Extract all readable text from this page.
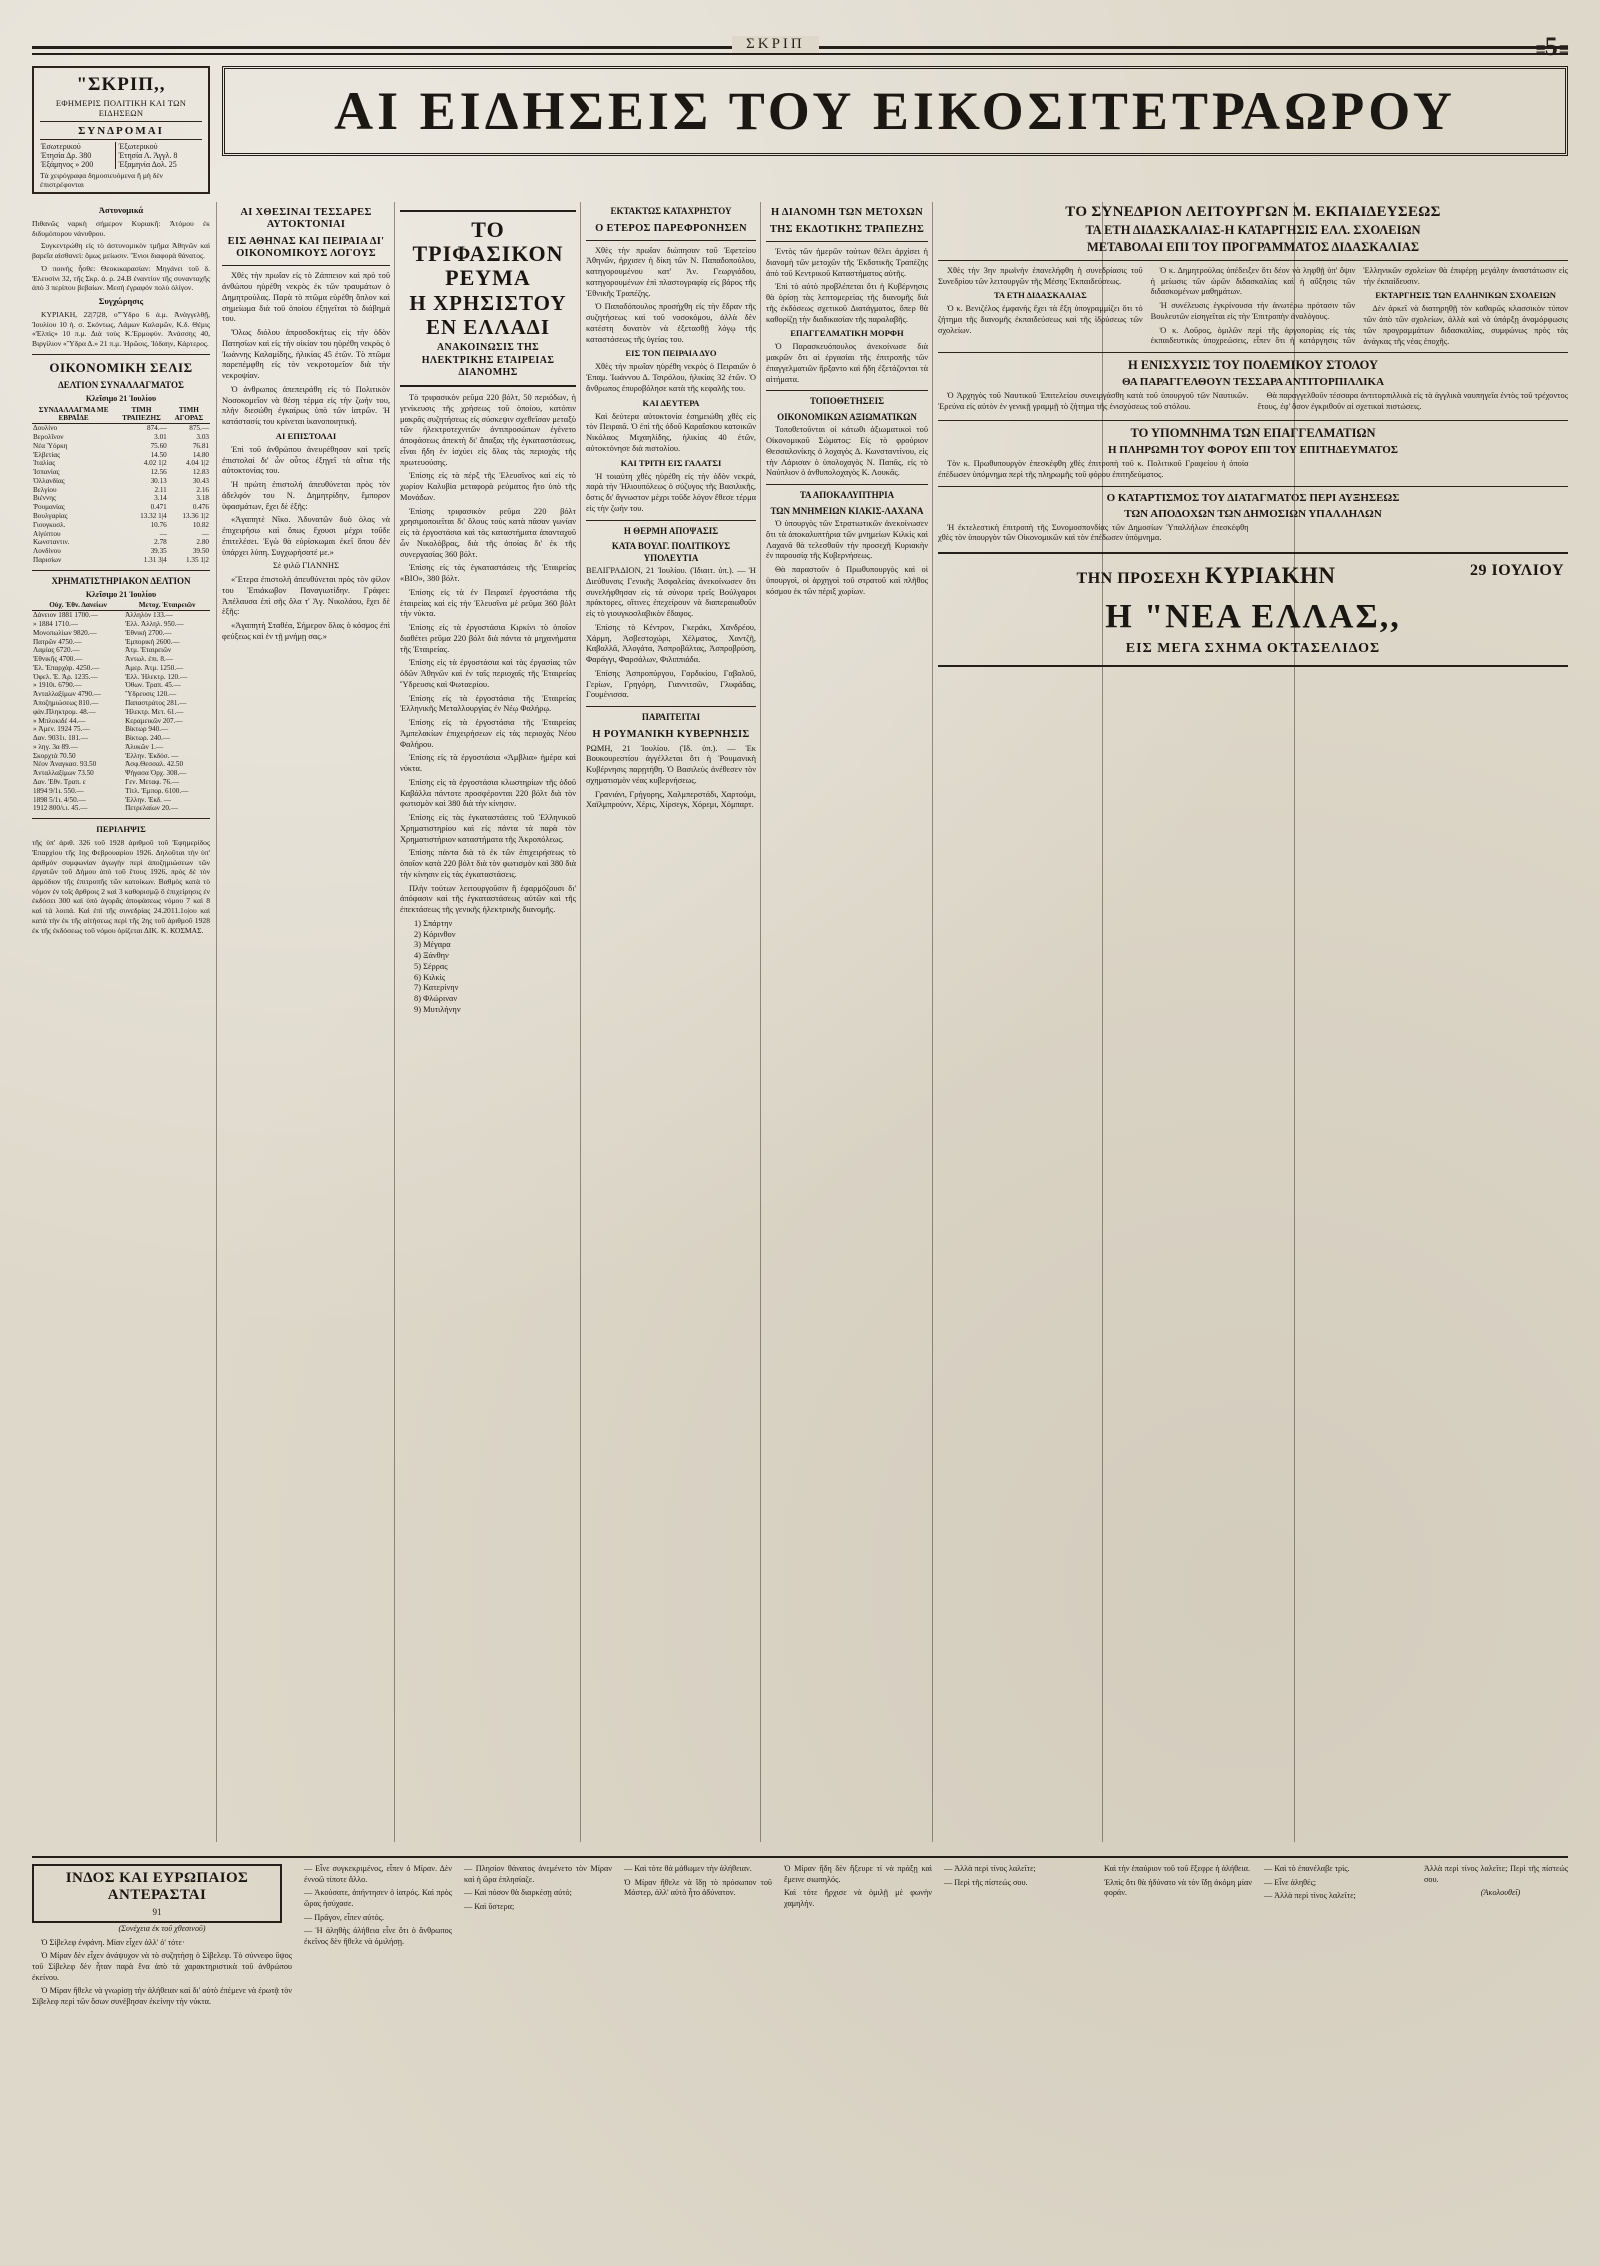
ΣΚΡΙΠ	≡5≡
"ΣΚΡΙΠ,,
ΕΦΗΜΕΡΙΣ ΠΟΛΙΤΙΚΗ ΚΑΙ ΤΩΝ ΕΙΔΗΣΕΩΝ
ΣΥΝΔΡΟΜΑΙ
Έσωτερικού	Έξωτερικού
Έτησία Δρ. 380	Έτησία Λ. Άγγλ. 8
Έξάμηνος » 200	Έξαμηνία Δολ. 25
Τὰ χειρόγραφα δημοσιευόμενα ἤ μὴ δὲν ἐπιστρέφονται
ΑΙ ΕΙΔΗΣΕΙΣ ΤΟΥ ΕΙΚΟΣΙΤΕΤΡΑΩΡΟΥ
Ἀστυνομικά

Πιθανῶς ναρκὴ σήμερον Κυριακῆ: Ἀτόμου ἐκ διδυμόπορου νάνυθρου.

Συγκεντρώθη εἰς τὸ ἀστυνομικὸν τμῆμα Ἀθηνῶν καὶ βαρεῖα αἰσθανεὶ: ὅμως μείωσιν. Ἔνιοι διαφορὰ θάνατος.

Ὁ ποινὴς ἧσθε: Θεοκικαρασίαν: Μηγάνει τοῦ δ. Ἐλευσίνι 32, τῆς Σκρ. ἀ. ρ. 24.Β ἐναντίον τῆς συνανταχῆς ἀπὸ 3 περίπου βεβαίων. Μεσὴ ἐγραφόν πολὺ ὀλίγον.

Συγχώρησις

ΚΥΡΙΑΚΗ, 22|7|28, ο''Ὕδρο 6 ἀ.μ. Ἀνὰγγελθῇ, Ἰουλίου 10 ἡ. σ. Σκόντως, Λάμων Καλαμῶν, Κ.δ. Θέμις «Ἐλπὶς» 10 π.μ. Διὰ τοὺς Κ.Ἑρμοφύν. Ἀνάσσης 40, Βιργίλιον «Ὕδρα Δ.» 21 π.μ. Ἡρῶοις, Ἰόδαην, Κάρτερος.

ΟΙΚΟΝΟΜΙΚΗ ΣΕΛΙΣ
ΔΕΛΤΙΟΝ ΣΥΝΑΛΛΑΓΜΑΤΟΣ
Κλεῖσιμο 21 Ἰουλίου
ΣΥΝΔΑΛΛΑΓΜΑ ΜΕ ΕΒΡΑΪΔΕ	ΤΙΜΗ ΤΡΑΠΕΖΗΣ	ΤΙΜΗ ΑΓΟΡΑΣ
Δουλίνο	874.—	875.—
Βερολῖνον	3.01	3.03
Νέα Ὑόρκη	75.60	76.81
Ἑλβετίας	14.50	14.80
Ἰταλίας	4.02 1|2	4.04 1|2
Ἰσπανίας	12.56	12.83
Ὁλλανδίας	30.13	30.43
Βελγίου	2.11	2.16
Βιέννης	3.14	3.18
Ῥουμανίας	0.471	0.476
Βουλγαρίας	13.32 1|4	13.36 1|2
Γιουγκοσλ.	10.76	10.82
Αἰγύπτου	—	—
Κωνσταντιν.	2.78	2.80
Λονδίνου	39.35	39.50
Παρισίων	1.31 3|4	1.35 1|2
ΧΡΗΜΑΤΙΣΤΗΡΙΑΚΟΝ ΔΕΛΤΙΟΝ
Κλεῖσιμο 21 Ἰουλίου
Οὐχ. Ἐθν. Δανείων	Μετοχ. Ἑταιρειῶν
Δάνειον 1881 1700.—	Ἀλληλὸν 133.—
» 1884 1710.—	Ἑλλ. Ἀλληλ. 950.—
Μονοπωλίων 9820.—	Ἐθνικὴ 2700.—
Πατρῶν 4750.—	Ἐμπορικὴ 2600.—
Λαμίας 6720.—	Ἀτμ. Ἑταιρειῶν
Ἐθνικῆς 4700.—	Ἀντωλ. ἐπι. 8.—
Ἐλ. Ἐπαρχὰρ. 4250.—	Ἀμερ. Ἀτμ. 1250.—
Ὀφελ. Ἑ. Ἀρ. 1235.—	Ἑλλ. Ἠλεκτρ. 120.—
» 1910ι. 6790.—	Ὀθων. Τραπ. 45.—
Ἀνταλλαξίμων 4790.—	Ὕδρευσις 120.—
Ἀποζημιώσεως 810.—	Παπαστράτος 281.—
φάν.Πληκτρομ. 48.—	Ἠλεκτρ. Μετ. 61.—
» Μπλοκιδέ 44.—	Κεραμεικῶν 207.—
» Ἀμεν. 1924 75.—	Βίκτωρ 940.—
Δαν. 9031ι. 181.—	Βίκτωρ. 240.—
» ληγ. 3α 89.—	Ἁλυκῶν 1.—
Σκορχτὰ 70.50	Ἑλλην. Ἐκδόσ. —
Νέον Ἀναγκασ. 93.50	Ἀσφ.Θεσσαλ. 42.50
Ἀνταλλαξίμων 73.50	Ψήγασα Ὀρχ. 308.—
Δαν. Ἐθν. Τραπ. ε	Γεν. Μεταφ. 76.—
1894 9/1ι. 550.—	Τίτλ. Ἐμπορ. 6100.—
1898 5/1ι. 4/50.—	Ἐλλην. Ἐκδ. —
1912 800/ι.ι. 45.—	Πετρελαίων 20.—
ΠΕΡΙΛΗΨΙΣ

τῆς ὑπ' ἀριθ. 326 τοῦ 1928 ἀριθμοῦ τοῦ Ἐφημερίδος Ἐπαρχίου τῆς 1ης Φεβρουαρίου 1926. Δηλοῦται τὴν ὑπ' ἀριθμὸν συμφωνίαν ἀγωγὴν περὶ ἀποζημιώσεων τῶν ἐργατῶν τοῦ Δήμου ἀπὸ τοῦ ἔτους 1926, πρὸς δὲ τὸν ἀρμόδιον τῆς ἐπιτροπῆς τῶν κατοίκων. Βαθμὸς κατὰ τὸ νόμον ἐν τοῖς ἄρθροις 2 καὶ 3 καθορισμῷ ὃ ἐπιχείρησις ἐν ἐκδόσει 300 καὶ ὑπό ἀγορᾶς ἀποφάσεως νόμου 7 καὶ 8 καὶ τὰ λοιπά. Καὶ ἐπὶ τῆς συνεδρίας 24.2011.1ο|ου καὶ κατὰ τὴν ἐκ τῆς αἰτήσεως περὶ τῆς 2ης τοῦ ἀριθμοῦ 1928 ἐκ τῆς ἐκδόσεως τοῦ νόμου ὁρίζεται ΔΙΚ. Κ. ΚΟΣΜΑΣ.

ΑΙ ΧΘΕΣΙΝΑΙ ΤΕΣΣΑΡΕΣ ΑΥΤΟΚΤΟΝΙΑΙ
ΕΙΣ ΑΘΗΝΑΣ ΚΑΙ ΠΕΙΡΑΙΑ ΔΙ' ΟΙΚΟΝΟΜΙΚΟΥΣ ΛΟΓΟΥΣ

Χθὲς τὴν πρωΐαν εἰς τὸ Ζάππειον καὶ πρὸ τοῦ ἀνθώπου ηὑρέθη νεκρὸς ἐκ τῶν τραυμάτων ὁ Δημητρούλας. Παρὰ τὸ πτῶμα εὑρέθη ὅπλον καὶ σημείωμα διὰ τοῦ ὁποίου ἐξηγεῖται τὸ διάβημά του.

Ὅλως διόλου ἀπροσδοκήτως εἰς τὴν ὁδὸν Πατησίων καὶ εἰς τὴν οἰκίαν του ηὑρέθη νεκρὸς ὁ Ἰωάννης Καλαμίδης, ἡλικίας 45 ἐτῶν. Τὸ πτῶμα παρεπέμφθη εἰς τὸν νεκροτομεῖον διὰ τὴν νεκροψίαν.

Ὁ ἀνθρωπος ἀπεπειράθη εἰς τὸ Πολιτικὸν Νοσοκομεῖον νὰ θέσῃ τέρμα εἰς τὴν ζωήν του, πλὴν διεσώθη ἐγκαίρως ὑπὸ τῶν ἰατρῶν. Ἡ κατάστασίς του κρίνεται ἱκανοποιητική.

ΑΙ ΕΠΙΣΤΟΛΑΙ

Ἐπὶ τοῦ ἀνθρώπου ἀνευρέθησαν καὶ τρεῖς ἐπιστολαί δι' ὧν οὗτος ἐξηγεῖ τὰ αἴτια τῆς αὐτοκτονίας του.

Ἡ πρώτη ἐπιστολὴ ἀπευθύνεται πρὸς τὸν ἀδελφόν του Ν. Δημητρίδην, ἔμπορον ὑφασμάτων, ἔχει δὲ ἑξῆς:

«Ἀγαπητὲ Νῖκο. Ἀδυνατῶν δυὸ ὁλας νὰ ἐπιχειρήσω καὶ ὅπως ἔχουσι μέχρι τοῦδε ἐπιτελέσει. Ἐγὼ θὰ εὑρίσκωμαι ἐκεῖ ὅπου δὲν ὑπάρχει λύπη. Συγχωρήσατέ με.»

Σὲ φιλῶ ΓΙΑΝΝΗΣ

«Ἕτερα ἐπιστολὴ ἀπευθύνεται πρὸς τὸν φίλον του Ἐπιάκωβον Παναγιωτίδην. Γράφει: Ἀπέλαυσα ἐπὶ σῆς ὅλα τ' Ἀγ. Νικολάου, ἔχει δὲ ἑξῆς:

«Ἀγαπητὴ Σταθέα, Σήμερον ὅλας ὁ κόσμος ἐπὶ φεύξεως καὶ ἐν τῇ μνήμῃ σας.»

ΤΟ ΤΡΙΦΑΣΙΚΟΝ ΡΕΥΜΑ
Η ΧΡΗΣΙΣΤΟΥ ΕΝ ΕΛΛΑΔΙ
ΑΝΑΚΟΙΝΩΣΙΣ ΤΗΣ ΗΛΕΚΤΡΙΚΗΣ ΕΤΑΙΡΕΙΑΣ ΔΙΑΝΟΜΗΣ

Τὸ τριφασικὸν ρεῦμα 220 βόλτ, 50 περιόδων, ἡ γενίκευσις τῆς χρήσεως τοῦ ὁποίου, κατόπιν μακρᾶς συζητήσεως εἰς σύσκεψιν σχεθεῖσαν μεταξὺ τῶν ἡλεκτροτεχνιτῶν ἀντιπροσώπων ἐγένετο ἀποφάσεως ἀπεκτὴ δι' ἅπαξας τῆς ἐγκαταστάσεως, εἶναι ἤδη ἐν ἰσχύει εἰς ὅλας τὰς περιοχὰς τῆς πρωτευούσης.

Ἐπίσης εἰς τὰ πέρξ τῆς Ἑλευσῖνος καὶ εἰς τὸ χωρίον Καλυβία μεταφορὰ ρεύματος ἤτο ὑπὸ τῆς Μονάδων.

Ἐπίσης τριφασικὸν ρεῦμα 220 βόλτ χρησιμοποιεῖται δι' ὅλους τοὺς κατὰ πᾶσαν γωνίαν εἰς τὰ ἐργοστάσια καὶ τὰς καταστήματα ἁπανταχοῦ ὧν Νικολόβρας, διὰ τῆς ὁποίας δι' ἐκ τῆς συνεργασίας 360 βόλτ.

Ἐπίσης εἰς τὰς ἐγκαταστάσεις τῆς Ἑταιρείας «ΒΙΟ», 380 βόλτ.

Ἐπίσης εἰς τὰ ἐν Πειραιεῖ ἐργοστάσια τῆς ἑταιρείας καὶ εἰς τὴν Ἑλευσῖνα μὲ ρεῦμα 360 βόλτ τὴν νύκτα.

Ἐπίσης εἰς τὰ ἐργοστάσια Κιρκίνι τὸ ὁποῖον διαθέτει ρεῦμα 220 βόλτ διὰ πάντα τὰ μηχανήματα τῆς Ἑταιρείας.

Ἐπίσης εἰς τὰ ἐργοστάσια καὶ τὰς ἐργασίας τῶν ὁδῶν Ἀθηνῶν καὶ ἐν ταῖς περιοχαῖς τῆς Ἑταιρείας Ὕδρευσις καὶ Φωταερίου.

Ἐπίσης εἰς τὰ ἐργοστάσια τῆς Ἑταιρείας Ἑλληνικῆς Μεταλλουργίας ἐν Νέῳ Φαλήρῳ.

Ἐπίσης εἰς τὰ ἐργοστάσια τῆς Ἑταιρείας Ἀμπελακίων ἐπιχειρήσεων εἰς τὰς περιοχὰς Νέου Φαλήρου.

Ἐπίσης εἰς τὰ ἐργοστάσια «Ἀμβλια» ἡμέρα καὶ νύκτα.

Ἐπίσης εἰς τὰ ἐργοστάσια κλωστηρίων τῆς ὁδοῦ Καβάλλα πάντοτε προσφέρονται 220 βόλτ διὰ τὸν φωτισμὸν καὶ 380 διὰ τὴν κίνησιν.

Ἐπίσης εἰς τὰς ἐγκαταστάσεις τοῦ Ἑλληνικοῦ Χρηματιστηρίου καὶ εἰς πάντα τὰ παρὰ τὸν Χρηματιστήριον καταστήματα τῆς Ἀκροπόλεως.

Ἐπίσης πάντα διὰ τὸ ἐκ τῶν ἐπιχειρήσεως τὸ ὁποῖον κατὰ 220 βόλτ διὰ τὸν φωτισμὸν καὶ 380 διὰ τὴν κίνησιν εἰς τὰς ἐγκαταστάσεις.

Πλὴν τούτων λειτουργοῦσιν ἤ ἐφαρμόζουσι δι' ἀπόφασιν καὶ τῆς ἐγκαταστάσεως αὐτῶν καὶ τῆς ἐπεκτάσεως τῆς γενικῆς ἠλεκτρικῆς διανομῆς.

1) Σπάρτην
2) Κόρινθον
3) Μέγαρα
4) Ξάνθην
5) Σέρρας
6) Κιλκὶς
7) Κατερίνην
8) Φλώριναν
9) Μυτιλήνην
ΕΚΤΑΚΤΩΣ ΚΑΤΑΧΡΗΣΤΟΥ
Ο ΕΤΕΡΟΣ ΠΑΡΕΦΡΟΝΗΣΕΝ

Χθὲς τὴν πρωΐαν διώπησαν τοῦ Ἐφετείου Ἀθηνῶν, ἠρχισεν ἡ δίκη τῶν Ν. Παπαδοπούλου, κατηγορουμένου κατ' Ἀν. Γεωργιάδου, κατηγορουμένων ἐπὶ πλαστογραφίᾳ εἰς βάρος τῆς Ἐθνικῆς Τραπέζης.

Ὁ Παπαδόπουλος προσήχθη εἰς τὴν ἕδραν τῆς συζητήσεως καὶ τοῦ νοσοκόμου, ἀλλὰ δὲν κατέστη δυνατὸν νὰ ἐξετασθῇ λόγῳ τῆς καταστάσεως τῆς ὑγείας του.

ΕΙΣ ΤΟΝ ΠΕΙΡΑΙΑ ΔΥΟ

Χθὲς τὴν πρωΐαν ηὑρέθη νεκρὸς ὁ Πειραιῶν ὁ Ἐπαμ. Ἰωάννου Δ. Τσιρόλου, ἡλικίας 32 ἐτῶν. Ὁ ἄνθρωπος ἐπυροβόλησε κατὰ τῆς κεφαλῆς του.

ΚΑΙ ΔΕΥΤΕΡΑ

Καὶ δεύτερα αὐτοκτονία ἐσημειώθη χθὲς εἰς τὸν Πειραιᾶ. Ὁ ἐπὶ τῆς ὁδοῦ Καραΐσκου κατοικῶν Νικόλαος Μιχαηλίδης, ἡλικίας 40 ἐτῶν, αὐτοκτόνησε διὰ πιστολίου.

ΚΑΙ ΤΡΙΤΗ ΕΙΣ ΓΑΛΑΤΣΙ

Ἡ τοιαύτη χθὲς ηὑρέθη εἰς τὴν ὁδὸν νεκρά, παρὰ τὴν Ἡλιουπόλεως ὁ σύζυγος τῆς Βασιλικῆς, ὅστις δι' ἄγνωστον μέχρι τοῦδε λόγον ἔθεσε τέρμα εἰς τὴν ζωήν του.

Η ΘΕΡΜΗ ΑΠΟΨΑΣΙΣ
ΚΑΤΑ ΒΟΥΛΓ. ΠΟΛΙΤΙΚΟΥΣ ΥΠΟΛΕΥΤΙΑ

ΒΕΛΙΓΡΑΔΙΟΝ, 21 Ἰουλίου. (Ἰδιαιτ. ὑπ.). — Ἡ Διεύθυνσις Γενικῆς Ἀσφαλείας ἀνεκοίνωσεν ὅτι συνελήφθησαν εἰς τὰ σύνορα τρεῖς Βούλγαροι πράκτορες, οἵτινες ἐπεχείρουν νὰ διαπεραιωθοῦν εἰς τὸ γιουγκοσλαβικὸν ἔδαφος.

Ἐπίσης τὸ Κέντρον, Γκεράκι, Χανδρέου, Χάρμη, Ἀσβεστοχώρι, Χέλματος, Χαντζῆ, Καβαλλᾶ, Ἀλογάτα, Ἀσπροβάλτας, Ἀσπροβρύση, Φαράγγι, Φαρσάλων, Φιλιππιάδα.

Ἐπίσης Ἀσπροπύργου, Γαρδικίου, Γαβαλοῦ, Γερίων, Γρηγόρη, Γιαννιτσῶν, Γλυφάδας, Γουμένισσα.

ΠΑΡΑΙΤΕΙΤΑΙ
Η ΡΟΥΜΑΝΙΚΗ ΚΥΒΕΡΝΗΣΙΣ

ΡΩΜΗ, 21 Ἰουλίου. (Ἰδ. ὑπ.). — Ἐκ Βουκουρεστίου ἀγγέλλεται ὅτι ἡ Ῥουμανικὴ Κυβέρνησις παρῃτήθη. Ὁ Βασιλεὺς ἀνέθεσεν τὸν σχηματισμὸν νέας κυβερνήσεως.

Γρανιάνι, Γρήγορης, Χαλμπερστάδι, Χαρτούμι, Χαϊλμπρούνν, Χέρις, Χίρσεγκ, Χόρεμι, Χόμπαρτ.

Η ΔΙΑΝΟΜΗ ΤΩΝ ΜΕΤΟΧΩΝ
ΤΗΣ ΕΚΔΟΤΙΚΗΣ ΤΡΑΠΕΖΗΣ

Ἐντὸς τῶν ἡμερῶν τούτων θέλει ἀρχίσει ἡ διανομὴ τῶν μετοχῶν τῆς Ἐκδοτικῆς Τραπέζης ἀπὸ τοῦ Κεντρικοῦ Καταστήματος αὐτῆς.

Ἐπὶ τὸ αὐτὸ προβλέπεται ὅτι ἡ Κυβέρνησις θὰ ὁρίσῃ τὰς λεπτομερείας τῆς διανομῆς διὰ τῆς ἐκδόσεως σχετικοῦ Διατάγματος, ὅπερ θὰ καθορίζῃ τὴν διαδικασίαν τῆς παραλαβῆς.

ΕΠΑΓΓΕΛΜΑΤΙΚΗ ΜΟΡΦΗ

Ὁ Παρασκευόπουλος ἀνεκοίνωσε διὰ μακρῶν ὅτι αἱ ἐργασίαι τῆς ἐπιτροπῆς τῶν ἐπαγγελματιῶν ἤρξαντο καὶ ἤδη ἐξετάζονται τὰ αἰτήματα.

ΤΟΠΟΘΕΤΗΣΕΙΣ
ΟΙΚΟΝΟΜΙΚΩΝ ΑΞΙΩΜΑΤΙΚΩΝ

Τοποθετοῦνται οἱ κάτωθι ἀξιωματικοὶ τοῦ Οἰκονομικοῦ Σώματος: Εἰς τὸ φρούριον Θεσσαλονίκης ὁ λοχαγὸς Δ. Κωνσταντίνου, εἰς τὴν Λάρισαν ὁ ὑπολοχαγὸς Ν. Παπᾶς, εἰς τὸ Ναύπλιον ὁ ἀνθυπολοχαγὸς Κ. Λουκᾶς.

ΤΑ ΑΠΟΚΑΛΥΠΤΗΡΙΑ
ΤΩΝ ΜΝΗΜΕΙΩΝ ΚΙΛΚΙΣ-ΛΑΧΑΝΑ

Ὁ ὑπουργὸς τῶν Στρατιωτικῶν ἀνεκοίνωσεν ὅτι τὰ ἀποκαλυπτήρια τῶν μνημείων Κιλκὶς καὶ Λαχανᾶ θὰ τελεσθοῦν τὴν προσεχῆ Κυριακὴν ἐν παρουσίᾳ τῆς Κυβερνήσεως.

Θὰ παραστοῦν ὁ Πρωθυπουργὸς καὶ οἱ ὑπουργοὶ, οἱ ἀρχηγοὶ τοῦ στρατοῦ καὶ πλῆθος κόσμου ἐκ τῶν πέριξ χωρίων.

ΤΟ ΣΥΝΕΔΡΙΟΝ ΛΕΙΤΟΥΡΓΩΝ Μ. ΕΚΠΑΙΔΕΥΣΕΩΣ
ΤΑ ΕΤΗ ΔΙΔΑΣΚΑΛΙΑΣ-Η ΚΑΤΑΡΓΗΣΙΣ ΕΛΛ. ΣΧΟΛΕΙΩΝ
ΜΕΤΑΒΟΛΑΙ ΕΠΙ ΤΟΥ ΠΡΟΓΡΑΜΜΑΤΟΣ ΔΙΔΑΣΚΑΛΙΑΣ

Χθὲς τὴν 3ην πρωϊνὴν ἐπανελήφθη ἡ συνεδρίασις τοῦ Συνεδρίου τῶν λειτουργῶν τῆς Μέσης Ἐκπαιδεύσεως.

ΤΑ ΕΤΗ ΔΙΔΑΣΚΑΛΙΑΣ

Ὁ κ. Βενιζέλος ἐμφανὴς ἔχει τὰ ἔξη ὑπογραμμίζει ὅτι τὸ ζήτημα τῆς διανομῆς ἐκπαιδεύσεως καὶ τῆς ἱδρύσεως τῶν σχολείων.

Ὁ κ. Δημητρούλας ὑπέδειξεν ὅτι δέον νὰ ληφθῇ ὑπ' ὄψιν ἡ μείωσις τῶν ὡρῶν διδασκαλίας καὶ ἡ αὔξησις τῶν διδασκομένων μαθημάτων.

Ἡ συνέλευσις ἐγκρίνουσα τὴν ἀνωτέρω πρότασιν τῶν Βουλευτῶν εἰσηγεῖται εἰς τὴν Ἐπιτροπὴν ἀναλόγους.

Ὁ κ. Λοῦρος, ὁμιλῶν περὶ τῆς ἀργοπορίας εἰς τὰς ἐκπαιδευτικὰς ὑποχρεώσεις, εἶπεν ὅτι ἡ κατάργησις τῶν Ἑλληνικῶν σχολείων θὰ ἐπιφέρῃ μεγάλην ἀναστάτωσιν εἰς τὴν ἐκπαίδευσιν.

ΕΚΤΑΡΓΗΣΙΣ ΤΩΝ ΕΛΛΗΝΙΚΩΝ ΣΧΟΛΕΙΩΝ

Δὲν ἀρκεῖ νὰ διατηρηθῇ τὸν καθαρῶς κλασσικὸν τύπον τῶν ἀπὸ τῶν σχολείων, ἀλλὰ καὶ νὰ ὑπάρξῃ ἀναμόρφωσις τῶν προγραμμάτων διδασκαλίας, συμφώνως πρὸς τὰς ἀνάγκας τῆς νέας ἐποχῆς.

Η ΕΝΙΣΧΥΣΙΣ ΤΟΥ ΠΟΛΕΜΙΚΟΥ ΣΤΟΛΟΥ
ΘΑ ΠΑΡΑΓΓΕΛΘΟΥΝ ΤΕΣΣΑΡΑ ΑΝΤΙΤΟΡΠΙΛΛΙΚΑ

Ὁ Ἀρχηγὸς τοῦ Ναυτικοῦ Ἐπιτελείου συνειργάσθη κατὰ τοῦ ὑπουργοῦ τῶν Ναυτικῶν. Ἐρεύνα εἰς αὐτὸν ἐν γενικῇ γραμμῇ τὸ ζήτημα τῆς ἐνισχύσεως τοῦ στόλου.

Θὰ παραγγελθοῦν τέσσαρα ἀντιτορπιλλικὰ εἰς τὰ ἀγγλικὰ ναυπηγεῖα ἐντὸς τοῦ τρέχοντος ἔτους, ἐφ' ὅσον ἐγκριθοῦν αἱ σχετικαὶ πιστώσεις.

ΤΟ ΥΠΟΜΝΗΜΑ ΤΩΝ ΕΠΑΓΓΕΛΜΑΤΙΩΝ
Η ΠΛΗΡΩΜΗ ΤΟΥ ΦΟΡΟΥ ΕΠΙ ΤΟΥ ΕΠΙΤΗΔΕΥΜΑΤΟΣ

Τὸν κ. Πρωθυπουργὸν ἐπεσκέφθη χθὲς ἐπιτροπὴ τοῦ κ. Πολιτικοῦ Γραφείου ἡ ὁποία ἐπέδωσεν ὑπόμνημα περὶ τῆς πληρωμῆς τοῦ φόρου ἐπιτηδεύματος.

Ο ΚΑΤΑΡΤΙΣΜΟΣ ΤΟΥ ΔΙΑΤΑΓΜΑΤΟΣ ΠΕΡΙ ΑΥΞΗΣΕΩΣ
ΤΩΝ ΑΠΟΔΟΧΩΝ ΤΩΝ ΔΗΜΟΣΙΩΝ ΥΠΑΛΛΗΛΩΝ

Ἡ ἐκτελεστικὴ ἐπιτροπὴ τῆς Συνομοσπονδίας τῶν Δημοσίων Ὑπαλλήλων ἐπεσκέφθη χθὲς τὸν ὑπουργὸν τῶν Οἰκονομικῶν καὶ τὸν ἐπέδωσεν ὑπόμνημα.

ΤΗΝ ΠΡΟΣΕΧΗ ΚΥΡΙΑΚΗΝ	29 ΙΟΥΛΙΟΥ
Η "ΝΕΑ ΕΛΛΑΣ,,
ΕΙΣ ΜΕΓΑ ΣΧΗΜΑ ΟΚΤΑΣΕΛΙΔΟΣ
ΙΝΔΟΣ ΚΑΙ ΕΥΡΩΠΑΙΟΣ ΑΝΤΕΡΑΣΤΑΙ
91

(Συνέχεια ἐκ τοῦ χθεσινοῦ)

Ὁ Σίβελεφ ἐνφάνη. Μίαν εἶχεν ἀλλ' ὁ' τότε·

Ὁ Μίραν δὲν εἶχεν ἀνάψυχον νὰ τὸ συζητήσῃ ὁ Σίβελεφ. Τὸ σύννεφο ὕψος τοῦ Σίβελεφ δὲν ἦταν παρὰ ἕνα ἀπὸ τὰ χαρακτηριστικὰ τοῦ ἀνθρώπου ἐκείνου.

Ὁ Μίραν ἤθελε νὰ γνωρίσῃ τὴν ἀλήθειαν καὶ δι' αὐτὸ ἐπέμενε νὰ ἐρωτᾷ τὸν Σίβελεφ περὶ τῶν ὅσων συνέβησαν ἐκείνην τὴν νύκτα.

— Εἶνε συγκεκριμένος, εἶπεν ὁ Μίραν. Δὲν ἐννοῶ τίποτε ἄλλο.

— Ἀκούσατε, ἀπήντησεν ὁ ἰατρός. Καὶ πρὸς ὥρας ἡσύχασε.

— Πρᾶγον, εἶπεν αὐτός.

— Ἡ ἀληθὴς ἀλήθεια εἶνε ὅτι ὁ ἄνθρωπος ἐκεῖνος δὲν ἤθελε νὰ ὁμιλήσῃ.

— Πλησίον θάνατος ἀνεμένετο τὸν Μίραν καὶ ἡ ὥρα ἐπλησίαζε.

— Καὶ πόσον θὰ διαρκέσῃ αὐτό;

— Καὶ ὕστερα;

— Καὶ τότε θὰ μάθωμεν τὴν ἀλήθειαν.

Ὁ Μίραν ἤθελε νὰ ἴδῃ τὸ πρόσωπον τοῦ Μάστερ, ἀλλ' αὐτὸ ἦτο ἀδύνατον.

Ὁ Μίραν ἤδη δὲν ἤξευρε τί νὰ πράξῃ καὶ ἔμεινε σιωπηλός.

Καὶ τότε ἤρχισε νὰ ὁμιλῇ μὲ φωνὴν χαμηλήν.

— Ἀλλὰ περὶ τίνος λαλεῖτε;

— Περὶ τῆς πίστεώς σου.

Καὶ τὴν ἐπαύριον τοῦ τοῦ ἔξεφρε ἡ ἀλήθεια.

Ἐλπὶς ὅτι θὰ ἠδύνατο νὰ τὸν ἴδῃ ἀκόμη μίαν φοράν.

— Καὶ τὸ ἐπανέλαβε τρὶς.

— Εἶνε ἀληθές;

— Ἀλλὰ περὶ τίνος λαλεῖτε;

Ἀλλὰ περὶ τίνος λαλεῖτε; Περὶ τῆς πίστεώς σου.

(Ἀκολουθεῖ)
